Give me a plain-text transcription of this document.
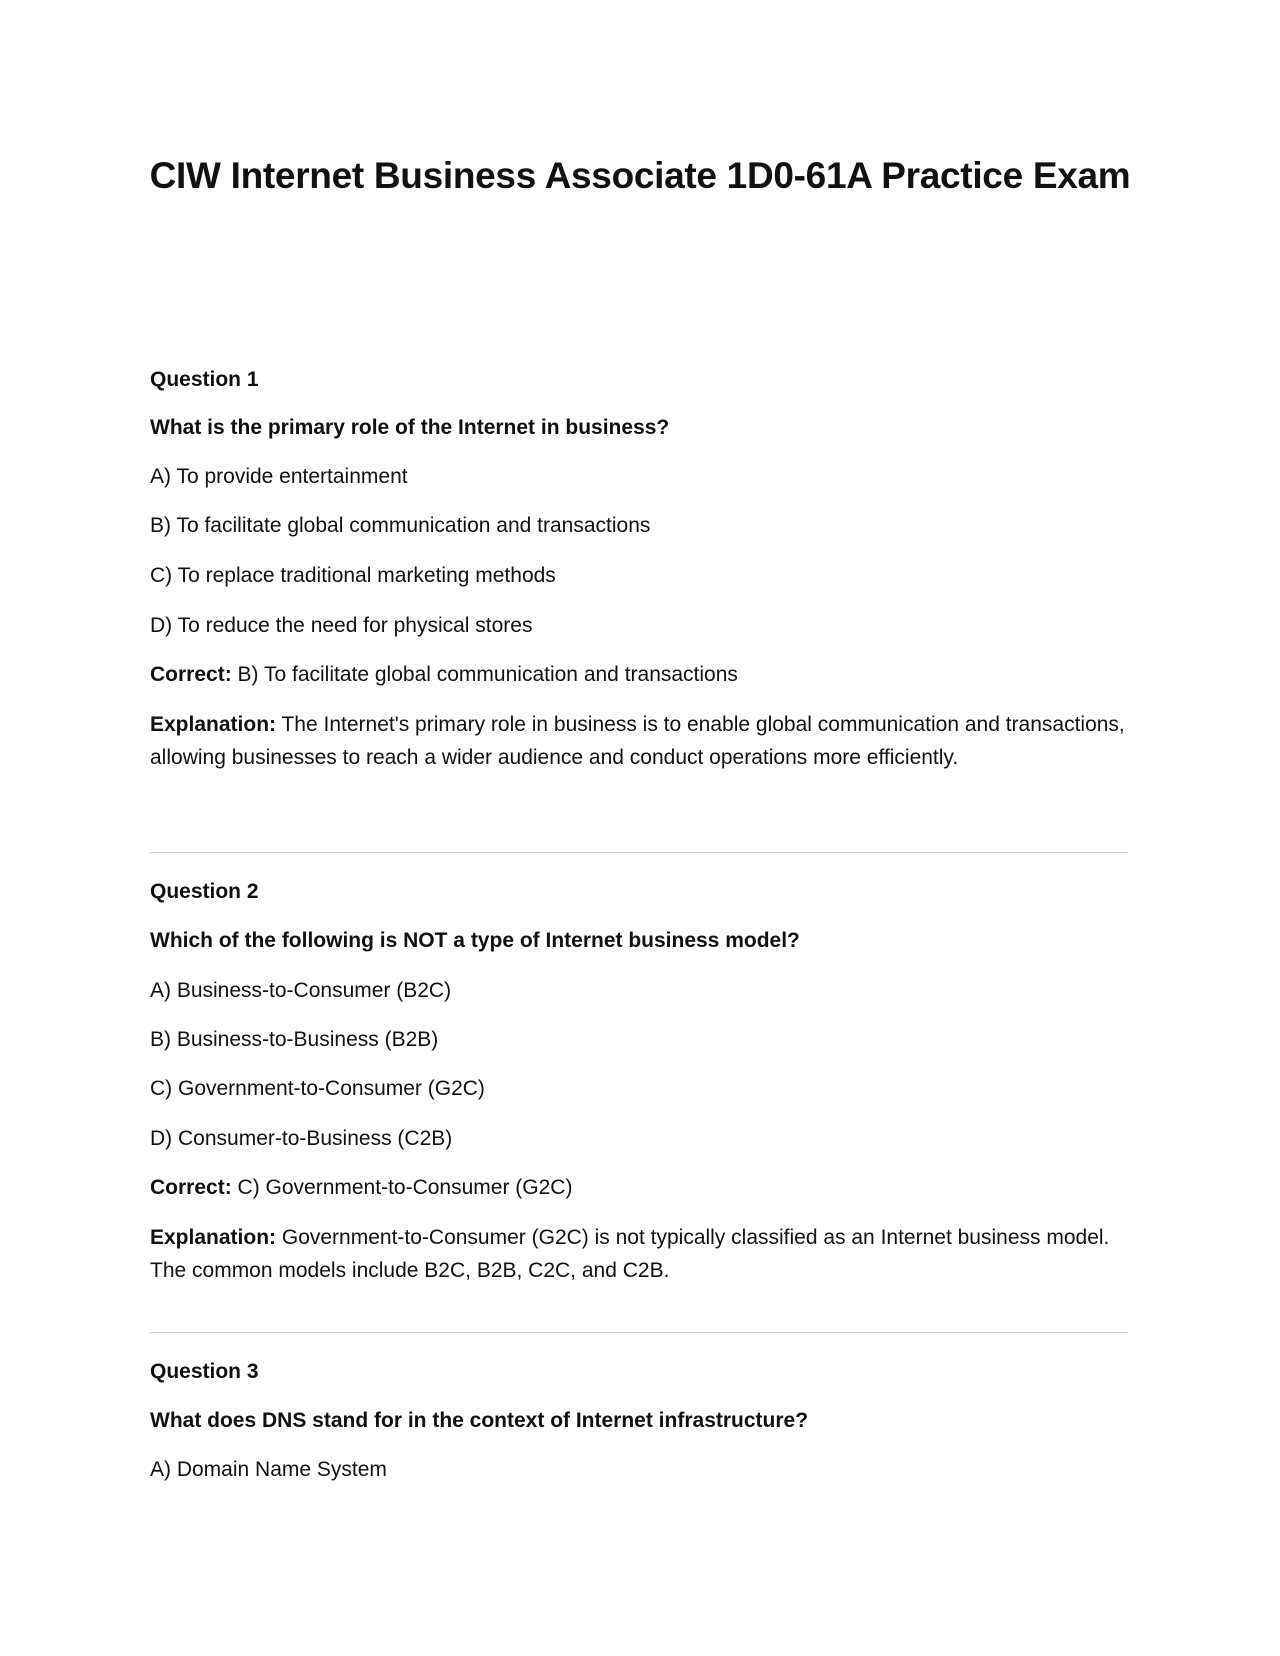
CIW Internet Business Associate 1D0-61A Practice Exam

Question 1

What is the primary role of the Internet in business?

A) To provide entertainment

B) To facilitate global communication and transactions

C) To replace traditional marketing methods

D) To reduce the need for physical stores

Correct: B) To facilitate global communication and transactions

Explanation: The Internet's primary role in business is to enable global communication and transactions, allowing businesses to reach a wider audience and conduct operations more efficiently.

Question 2

Which of the following is NOT a type of Internet business model?

A) Business-to-Consumer (B2C)

B) Business-to-Business (B2B)

C) Government-to-Consumer (G2C)

D) Consumer-to-Business (C2B)

Correct: C) Government-to-Consumer (G2C)

Explanation: Government-to-Consumer (G2C) is not typically classified as an Internet business model. The common models include B2C, B2B, C2C, and C2B.

Question 3

What does DNS stand for in the context of Internet infrastructure?

A) Domain Name System
